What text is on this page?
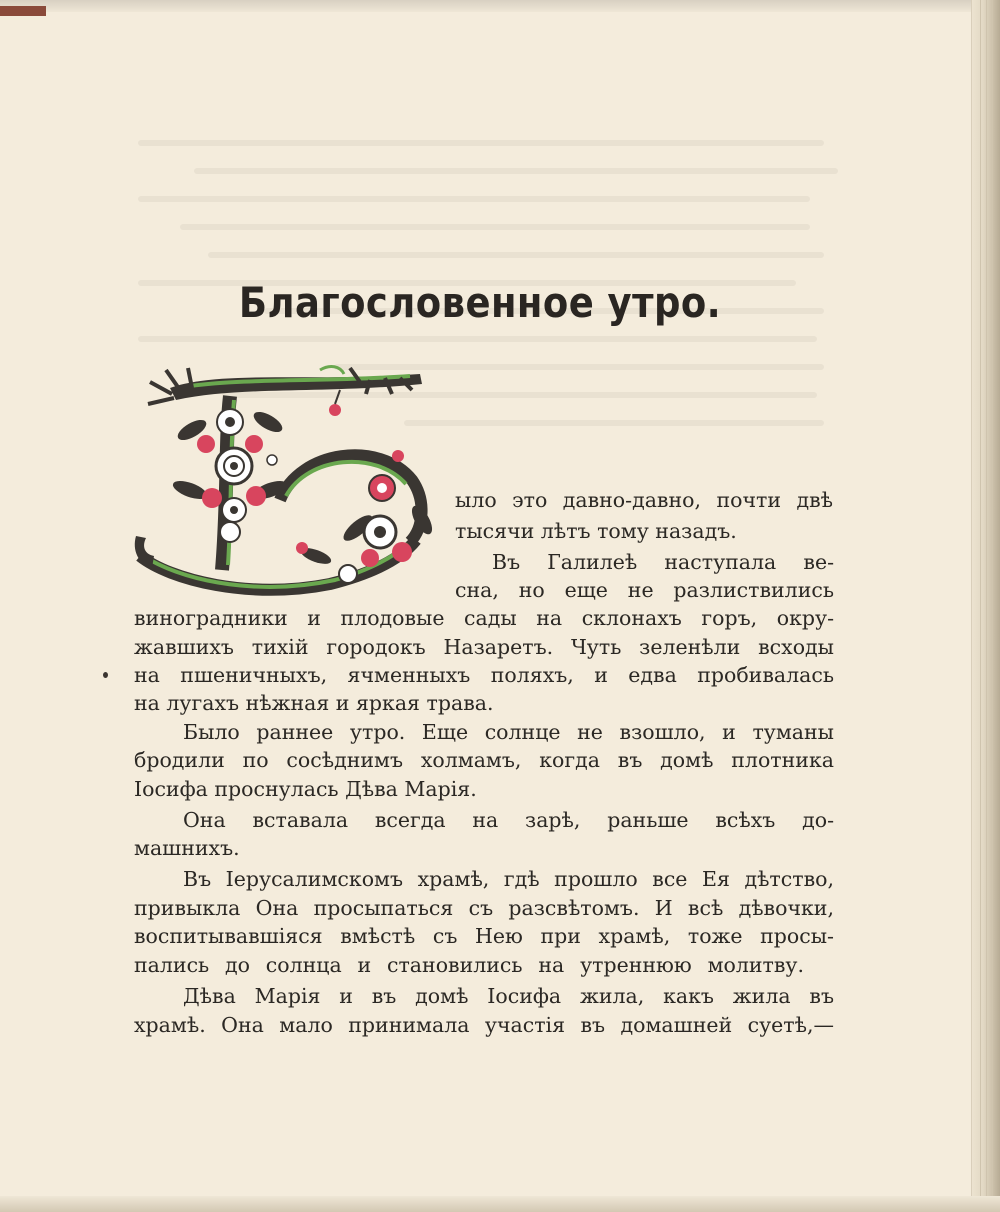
Благословенное утро.
ыло это давно-давно, почти двѣ
тысячи лѣтъ тому назадъ.
Въ Галилеѣ наступала ве-
сна, но еще не разлиствились
виноградники и плодовые сады на склонахъ горъ, окру-
жавшихъ тихій городокъ Назаретъ. Чуть зеленѣли всходы
на пшеничныхъ, ячменныхъ поляхъ, и едва пробивалась
на лугахъ нѣжная и яркая трава.
Было раннее утро. Еще солнце не взошло, и туманы
бродили по сосѣднимъ холмамъ, когда въ домѣ плотника
Іосифа проснулась Дѣва Марія.
Она вставала всегда на зарѣ, раньше всѣхъ до-
машнихъ.
Въ Іерусалимскомъ храмѣ, гдѣ прошло все Ея дѣтство,
привыкла Она просыпаться съ разсвѣтомъ. И всѣ дѣвочки,
воспитывавшіяся вмѣстѣ съ Нею при храмѣ, тоже просы-
пались до солнца и становились на утреннюю молитву.
Дѣва Марія и въ домѣ Іосифа жила, какъ жила въ
храмѣ. Она мало принимала участія въ домашней суетѣ,—
